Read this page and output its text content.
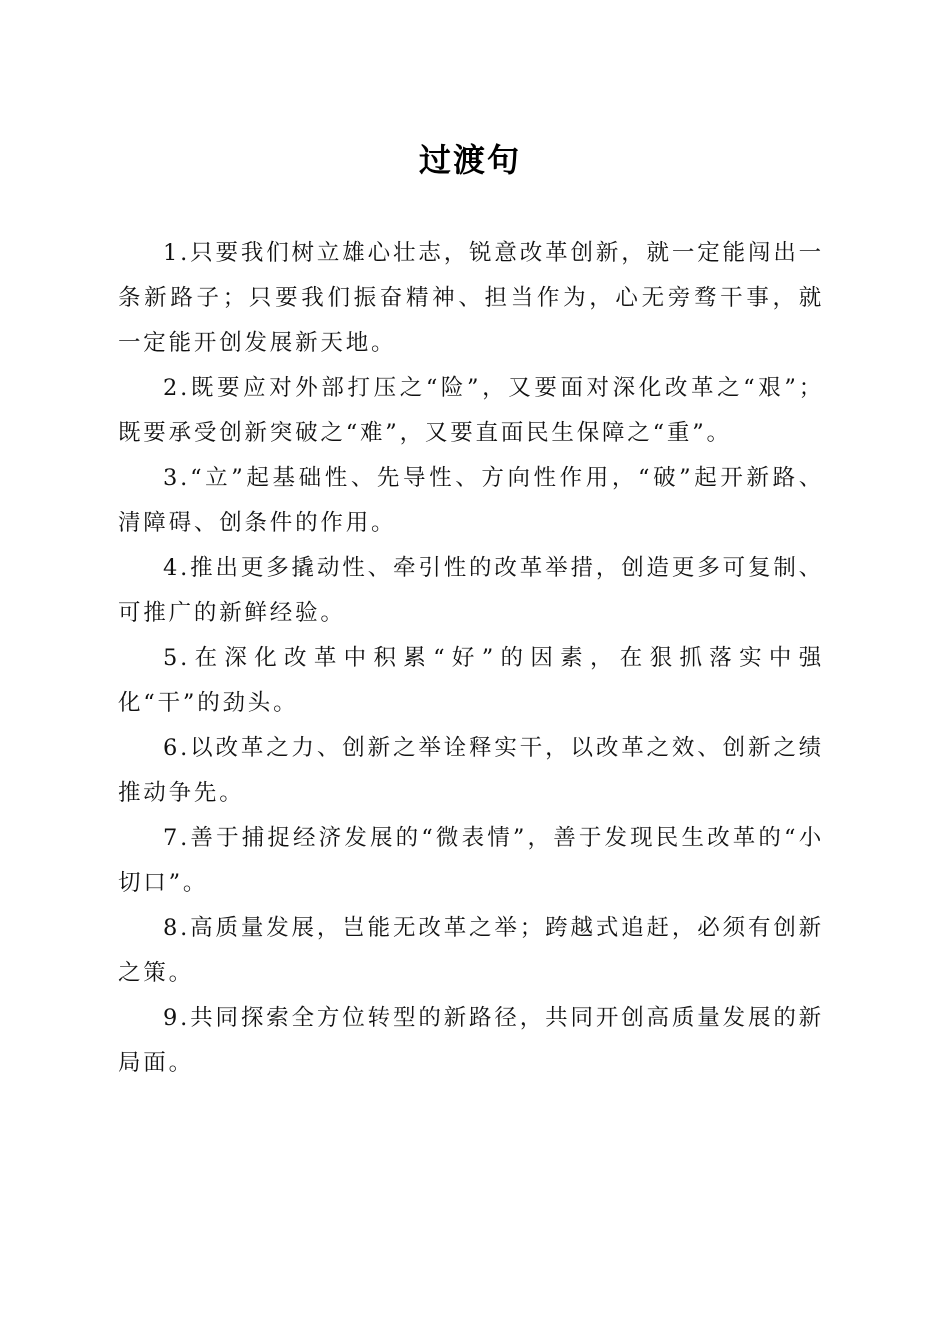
过渡句

1.只要我们树立雄心壮志，锐意改革创新，就一定能闯出一条新路子；只要我们振奋精神、担当作为，心无旁骛干事，就一定能开创发展新天地。

2.既要应对外部打压之“险”，又要面对深化改革之“艰”；既要承受创新突破之“难”，又要直面民生保障之“重”。

3.“立”起基础性、先导性、方向性作用，“破”起开新路、清障碍、创条件的作用。

4.推出更多撬动性、牵引性的改革举措，创造更多可复制、可推广的新鲜经验。

5.在深化改革中积累“好”的因素，在狠抓落实中强化“干”的劲头。

6.以改革之力、创新之举诠释实干，以改革之效、创新之绩推动争先。

7.善于捕捉经济发展的“微表情”，善于发现民生改革的“小切口”。

8.高质量发展，岂能无改革之举；跨越式追赶，必须有创新之策。

9.共同探索全方位转型的新路径，共同开创高质量发展的新局面。
